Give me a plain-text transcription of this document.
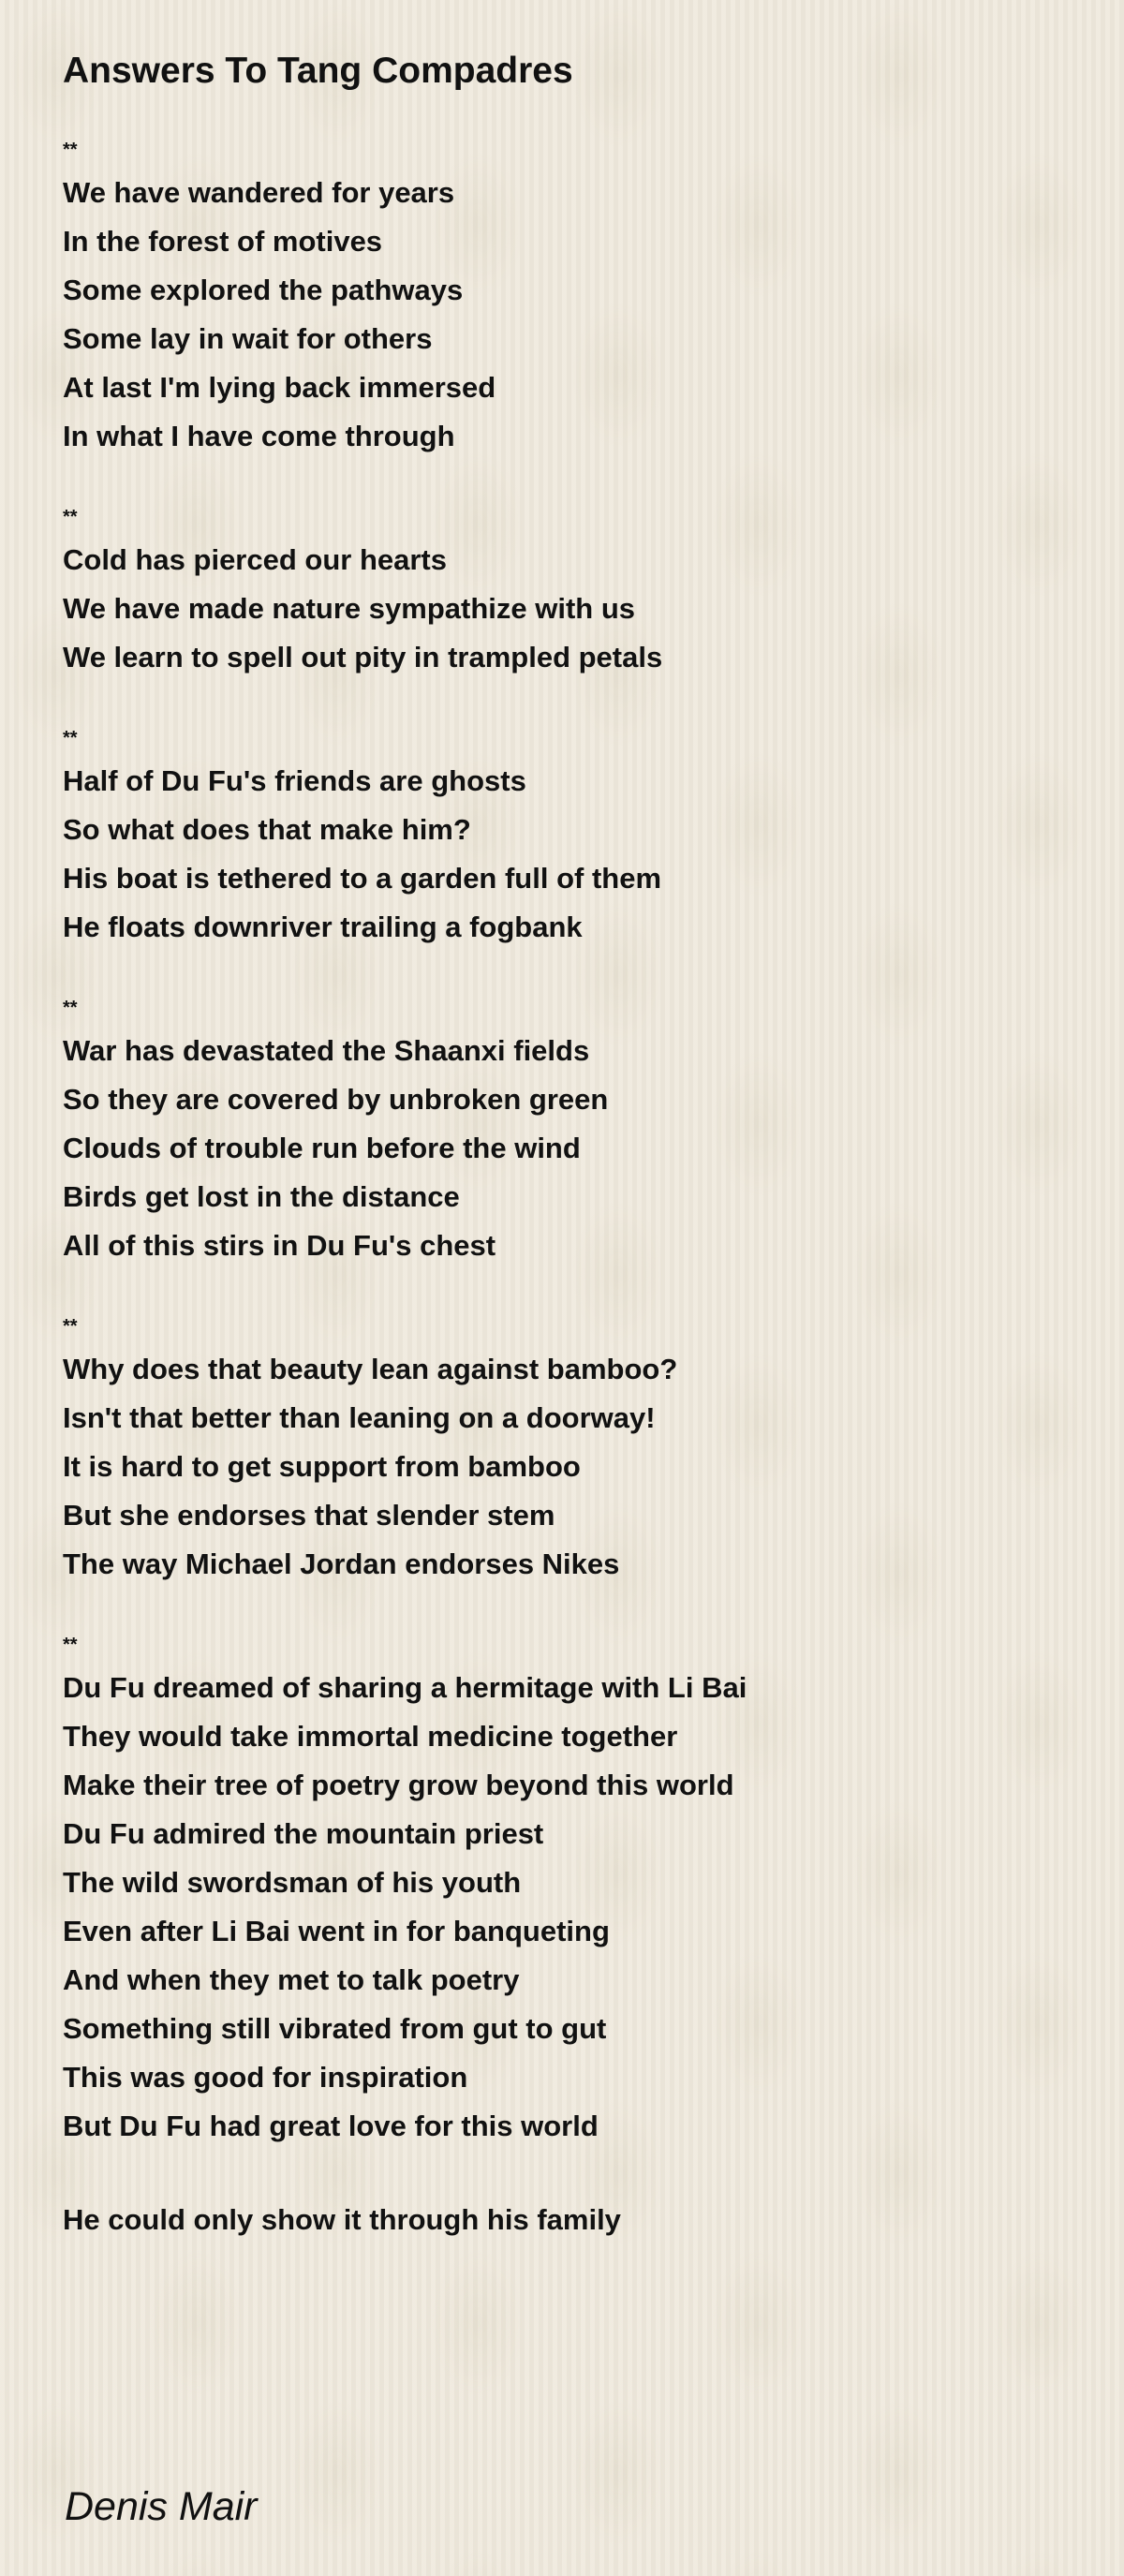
Answers To Tang Compadres
**
We have wandered for years
In the forest of motives
Some explored the pathways
Some lay in wait for others
At last I'm lying back immersed
In what I have come through
**
Cold has pierced our hearts
We have made nature sympathize with us
We learn to spell out pity in trampled petals
**
Half of Du Fu's friends are ghosts
So what does that make him?
His boat is tethered to a garden full of them
He floats downriver trailing a fogbank
**
War has devastated the Shaanxi fields
So they are covered by unbroken green
Clouds of trouble run before the wind
Birds get lost in the distance
All of this stirs in Du Fu's chest
**
Why does that beauty lean against bamboo?
Isn't that better than leaning on a doorway!
It is hard to get support from bamboo
But she endorses that slender stem
The way Michael Jordan endorses Nikes
**
Du Fu dreamed of sharing a hermitage with Li Bai
They would take immortal medicine together
Make their tree of poetry grow beyond this world
Du Fu admired the mountain priest
The wild swordsman of his youth
Even after Li Bai went in for banqueting
And when they met to talk poetry
Something still vibrated from gut to gut
This was good for inspiration
But Du Fu had great love for this world
He could only show it through his family
Denis Mair
